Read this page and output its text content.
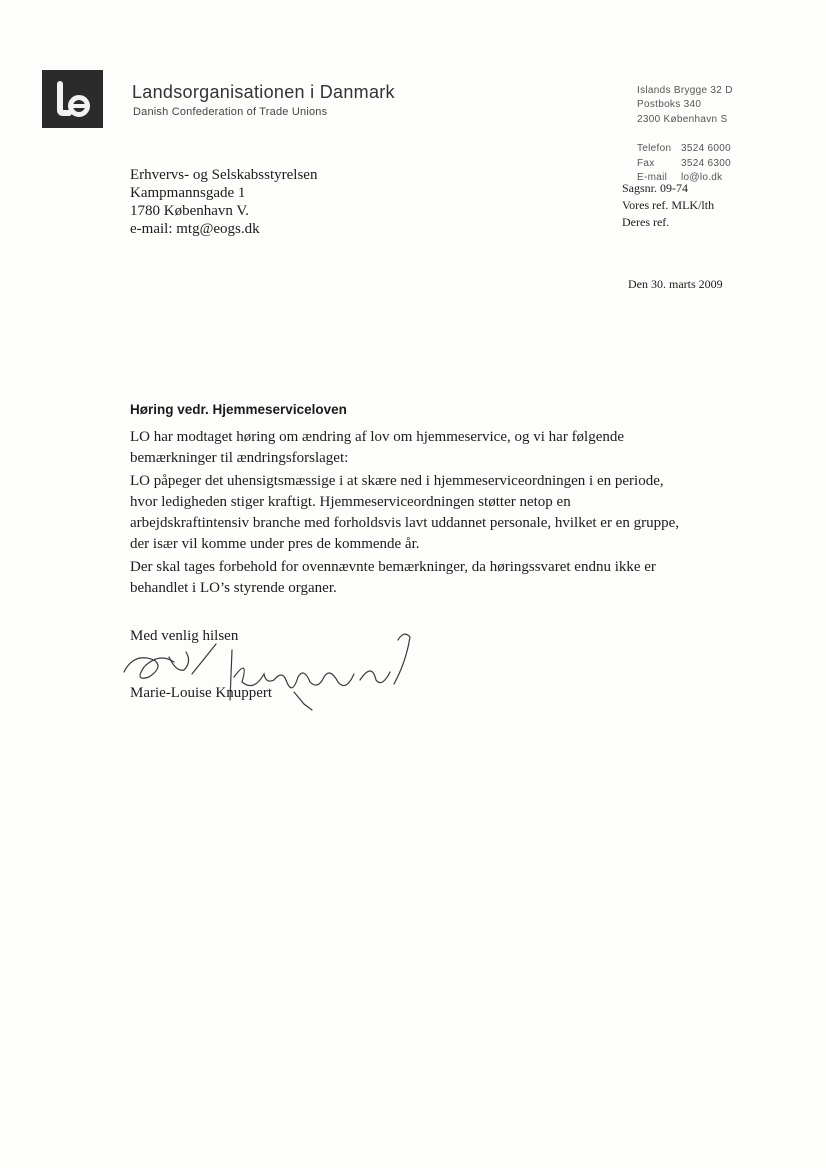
Landsorganisationen i Danmark
Danish Confederation of Trade Unions
Islands Brygge 32 D
Postboks 340
2300 København S
Telefon 3524 6000
Fax	3524 6300
E-mail lo@lo.dk
Erhvervs- og Selskabsstyrelsen
Kampmannsgade 1
1780 København V.
e-mail: mtg@eogs.dk
Sagsnr. 09-74
Vores ref. MLK/lth
Deres ref.
Den 30. marts 2009
Høring vedr. Hjemmeserviceloven
LO har modtaget høring om ændring af lov om hjemmeservice, og vi har følgende bemærkninger til ændringsforslaget:
LO påpeger det uhensigtsmæssige i at skære ned i hjemmeserviceordningen i en periode, hvor ledigheden stiger kraftigt. Hjemmeserviceordningen støtter netop en arbejdskraftintensiv branche med forholdsvis lavt uddannet personale, hvilket er en gruppe, der især vil komme under pres de kommende år.
Der skal tages forbehold for ovennævnte bemærkninger, da høringssvaret endnu ikke er behandlet i LO’s styrende organer.
Med venlig hilsen
Marie-Louise Knuppert
